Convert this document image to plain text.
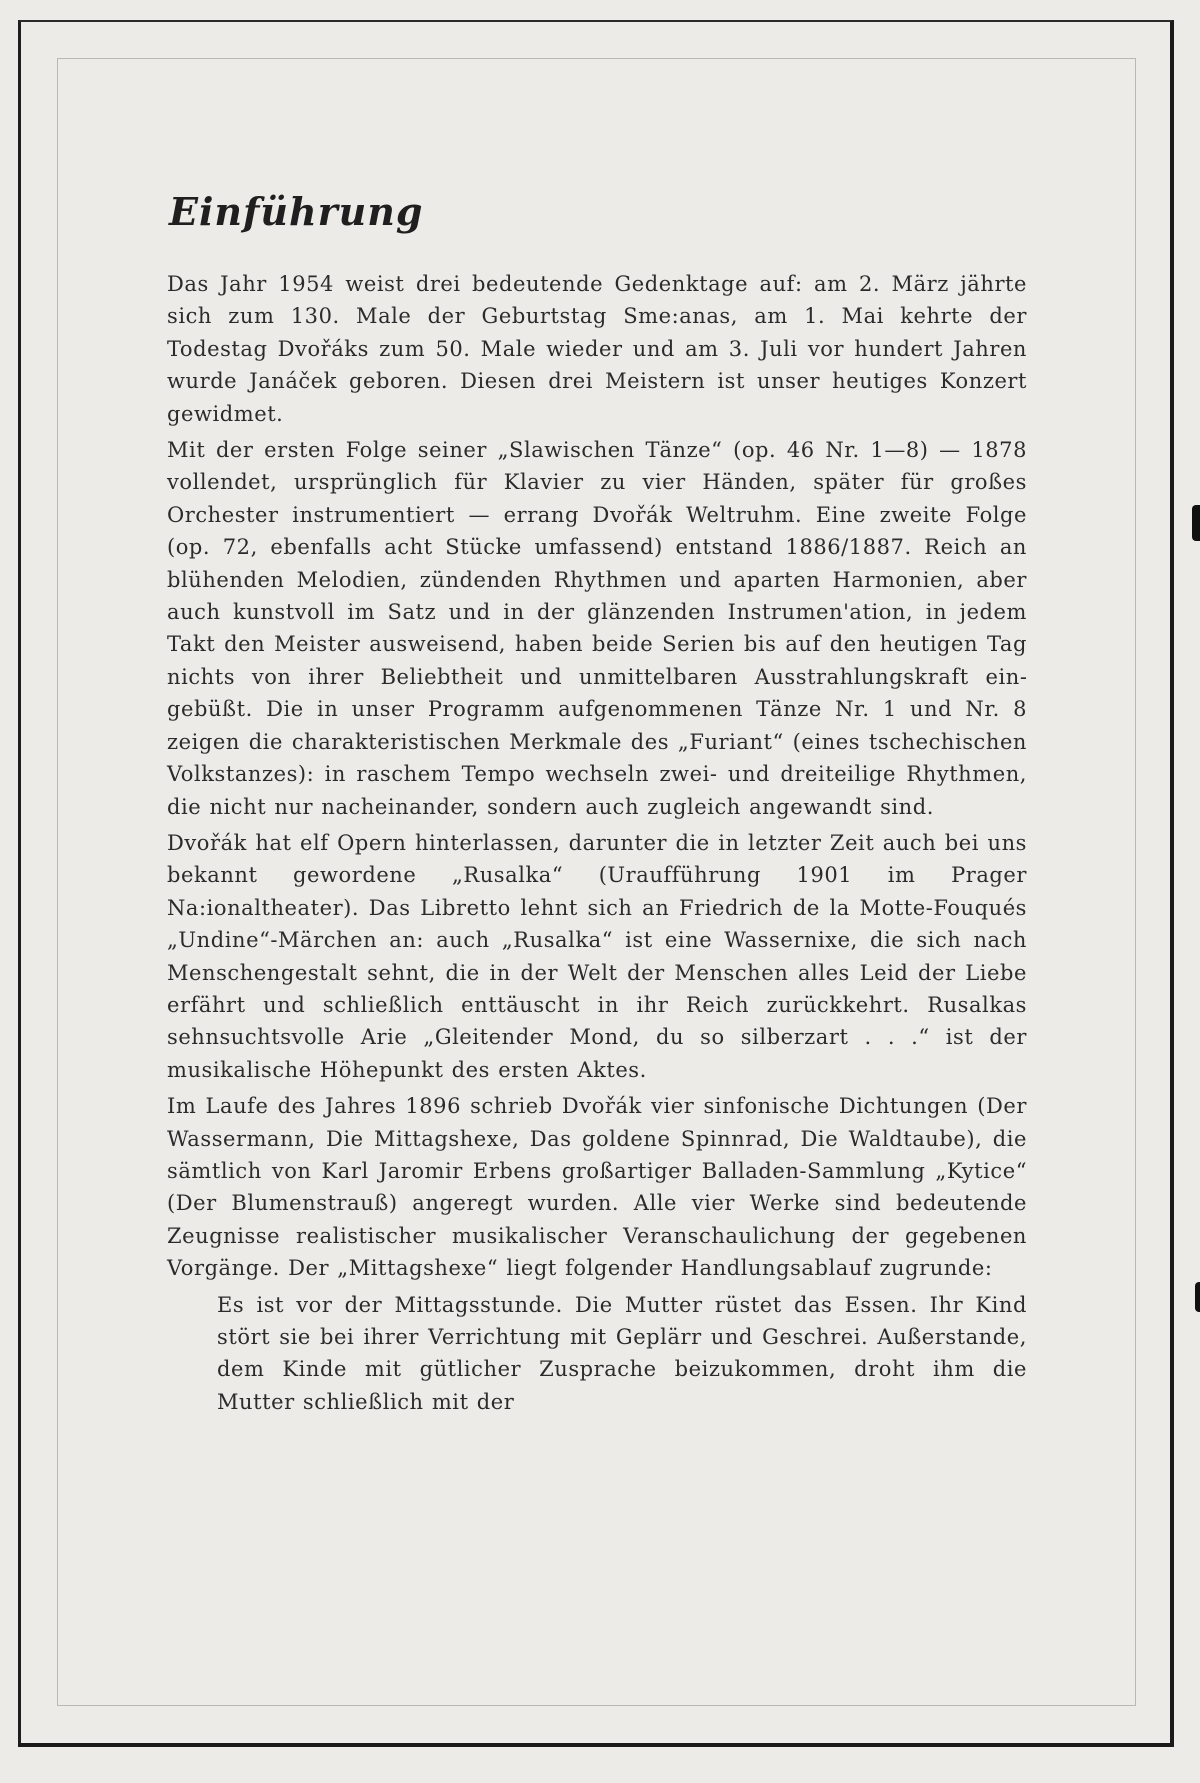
Einführung

Das Jahr 1954 weist drei bedeutende Gedenktage auf: am 2. März jährte sich zum 130. Male der Geburtstag Sme:anas, am 1. Mai kehrte der Todestag Dvořáks zum 50. Male wieder und am 3. Juli vor hundert Jahren wurde Janáček geboren. Diesen drei Meistern ist unser heutiges Konzert gewidmet.

Mit der ersten Folge seiner „Slawischen Tänze“ (op. 46 Nr. 1—8) — 1878 vollendet, ursprünglich für Klavier zu vier Händen, später für großes Orchester instrumentiert — errang Dvořák Weltruhm. Eine zweite Folge (op. 72, ebenfalls acht Stücke umfassend) entstand 1886/1887. Reich an blühenden Melodien, zündenden Rhythmen und aparten Harmonien, aber auch kunstvoll im Satz und in der glänzenden Instrumen'ation, in jedem Takt den Meister ausweisend, haben beide Serien bis auf den heutigen Tag nichts von ihrer Beliebtheit und unmittelbaren Ausstrahlungskraft eingebüßt. Die in unser Programm aufgenommenen Tänze Nr. 1 und Nr. 8 zeigen die charakteristischen Merkmale des „Furiant“ (eines tschechischen Volkstanzes): in raschem Tempo wechseln zwei- und dreiteilige Rhythmen, die nicht nur nacheinander, sondern auch zugleich angewandt sind.

Dvořák hat elf Opern hinterlassen, darunter die in letzter Zeit auch bei uns bekannt gewordene „Rusalka“ (Uraufführung 1901 im Prager Na:ionaltheater). Das Libretto lehnt sich an Friedrich de la Motte-Fouqués „Undine“-Märchen an: auch „Rusalka“ ist eine Wassernixe, die sich nach Menschengestalt sehnt, die in der Welt der Menschen alles Leid der Liebe erfährt und schließlich enttäuscht in ihr Reich zurückkehrt. Rusalkas sehnsuchtsvolle Arie „Gleitender Mond, du so silberzart . . .“ ist der musikalische Höhepunkt des ersten Aktes.

Im Laufe des Jahres 1896 schrieb Dvořák vier sinfonische Dichtungen (Der Wassermann, Die Mittagshexe, Das goldene Spinnrad, Die Waldtaube), die sämtlich von Karl Jaromir Erbens großartiger Balladen-Sammlung „Kytice“ (Der Blumenstrauß) angeregt wurden. Alle vier Werke sind bedeutende Zeugnisse realistischer musikalischer Veranschaulichung der gegebenen Vorgänge. Der „Mittagshexe“ liegt folgender Handlungsablauf zugrunde:

Es ist vor der Mittagsstunde. Die Mutter rüstet das Essen. Ihr Kind stört sie bei ihrer Verrichtung mit Geplärr und Geschrei. Außerstande, dem Kinde mit gütlicher Zusprache beizukommen, droht ihm die Mutter schließlich mit der
